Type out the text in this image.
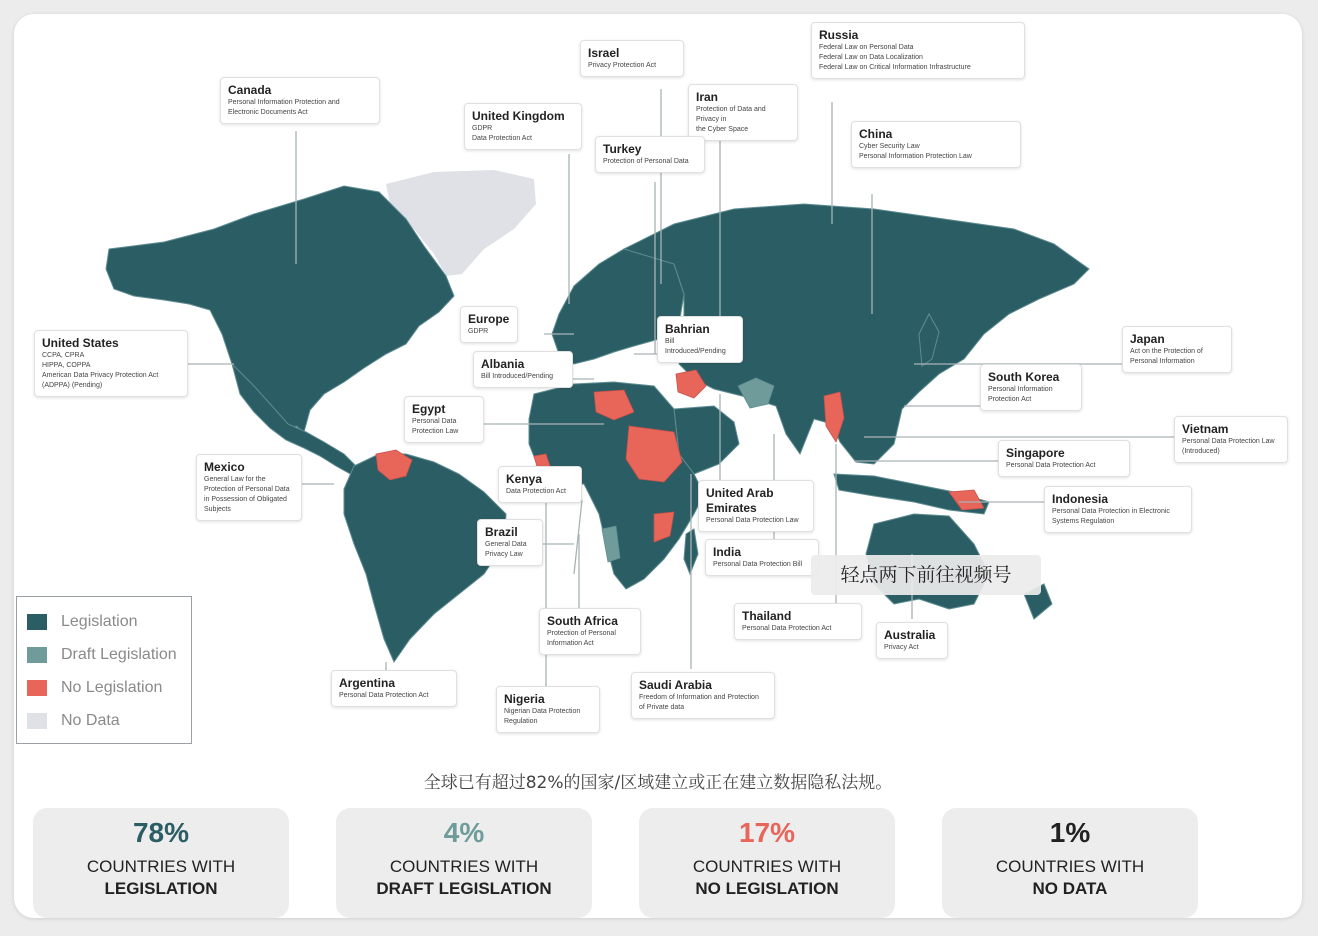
Canada
Personal Information Protection and
Electronic Documents Act
Israel
Privacy Protection Act
United Kingdom
GDPR
Data Protection Act
Iran
Protection of Data and Privacy in
the Cyber Space
Turkey
Protection of Personal Data
Russia
Federal Law on Personal Data
Federal Law on Data Localization
Federal Law on Critical Information Infrastructure
China
Cyber Security Law
Personal Information Protection Law
United States
CCPA, CPRA
HIPPA, COPPA
American Data Privacy Protection Act
(ADPPA) (Pending)
Europe
GDPR	Bahrian
Bill Introduced/Pending
Albania
Bill Introduced/Pending
Egypt
Personal Data
Protection Law
Japan
Act on the Protection of
Personal Information
South Korea
Personal Information
Protection Act
Vietnam
Personal Data Protection Law
(Introduced)
Singapore
Personal Data Protection Act
Mexico
General Law for the
Protection of Personal Data
in Possession of Obligated
Subjects
Kenya
Data Protection Act	United Arab Emirates
Personal Data Protection Law
Indonesia
Personal Data Protection in Electronic
Systems Regulation
Brazil
General Data
Privacy Law	India
Personal Data Protection Bill
South Africa
Protection of Personal
Information Act
Thailand
Personal Data Protection Act	Australia
Privacy Act
Argentina
Personal Data Protection Act	Nigeria
Nigerian Data Protection
Regulation
Saudi Arabia
Freedom of Information and Protection
of Private data
Legislation
Draft Legislation
No Legislation
No Data
全球已有超过82%的国家/区域建立或正在建立数据隐私法规。
78%
COUNTRIES WITH
LEGISLATION
4%
COUNTRIES WITH
DRAFT LEGISLATION
17%
COUNTRIES WITH
NO LEGISLATION
1%
COUNTRIES WITH
NO DATA
轻点两下前往视频号
